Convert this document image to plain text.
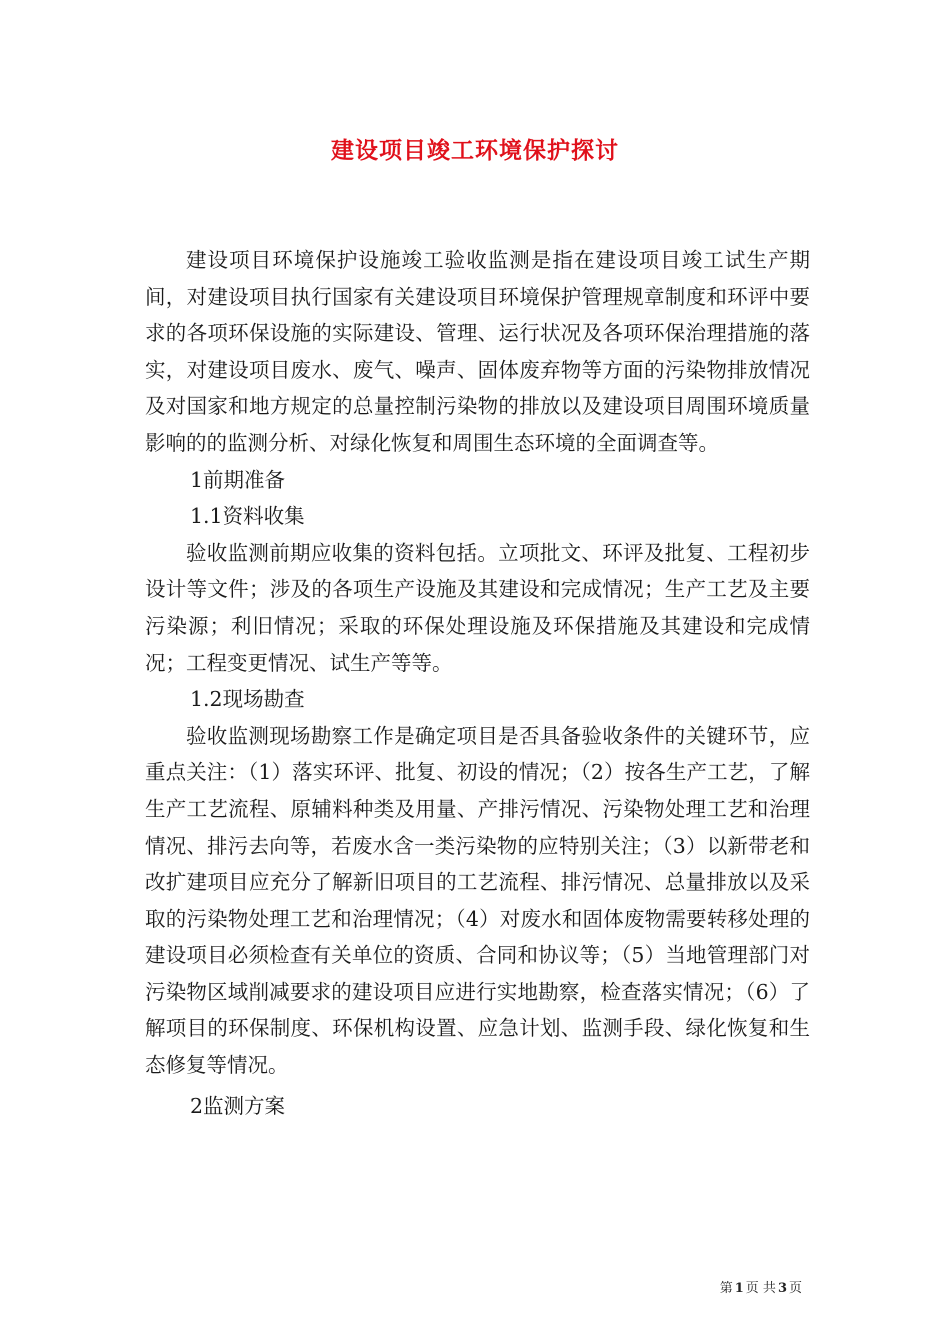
建设项目竣工环境保护探讨

建设项目环境保护设施竣工验收监测是指在建设项目竣工试生产期间，对建设项目执行国家有关建设项目环境保护管理规章制度和环评中要求的各项环保设施的实际建设、管理、运行状况及各项环保治理措施的落实，对建设项目废水、废气、噪声、固体废弃物等方面的污染物排放情况及对国家和地方规定的总量控制污染物的排放以及建设项目周围环境质量影响的的监测分析、对绿化恢复和周围生态环境的全面调查等。

1前期准备

1.1资料收集

验收监测前期应收集的资料包括。立项批文、环评及批复、工程初步设计等文件；涉及的各项生产设施及其建设和完成情况；生产工艺及主要污染源；利旧情况；采取的环保处理设施及环保措施及其建设和完成情况；工程变更情况、试生产等等。

1.2现场勘查

验收监测现场勘察工作是确定项目是否具备验收条件的关键环节，应重点关注：（1）落实环评、批复、初设的情况；（2）按各生产工艺，了解生产工艺流程、原辅料种类及用量、产排污情况、污染物处理工艺和治理情况、排污去向等，若废水含一类污染物的应特别关注；（3）以新带老和改扩建项目应充分了解新旧项目的工艺流程、排污情况、总量排放以及采取的污染物处理工艺和治理情况；（4）对废水和固体废物需要转移处理的建设项目必须检查有关单位的资质、合同和协议等；（5）当地管理部门对污染物区域削减要求的建设项目应进行实地勘察，检查落实情况；（6）了解项目的环保制度、环保机构设置、应急计划、监测手段、绿化恢复和生态修复等情况。

2监测方案

第 1 页 共 3 页
